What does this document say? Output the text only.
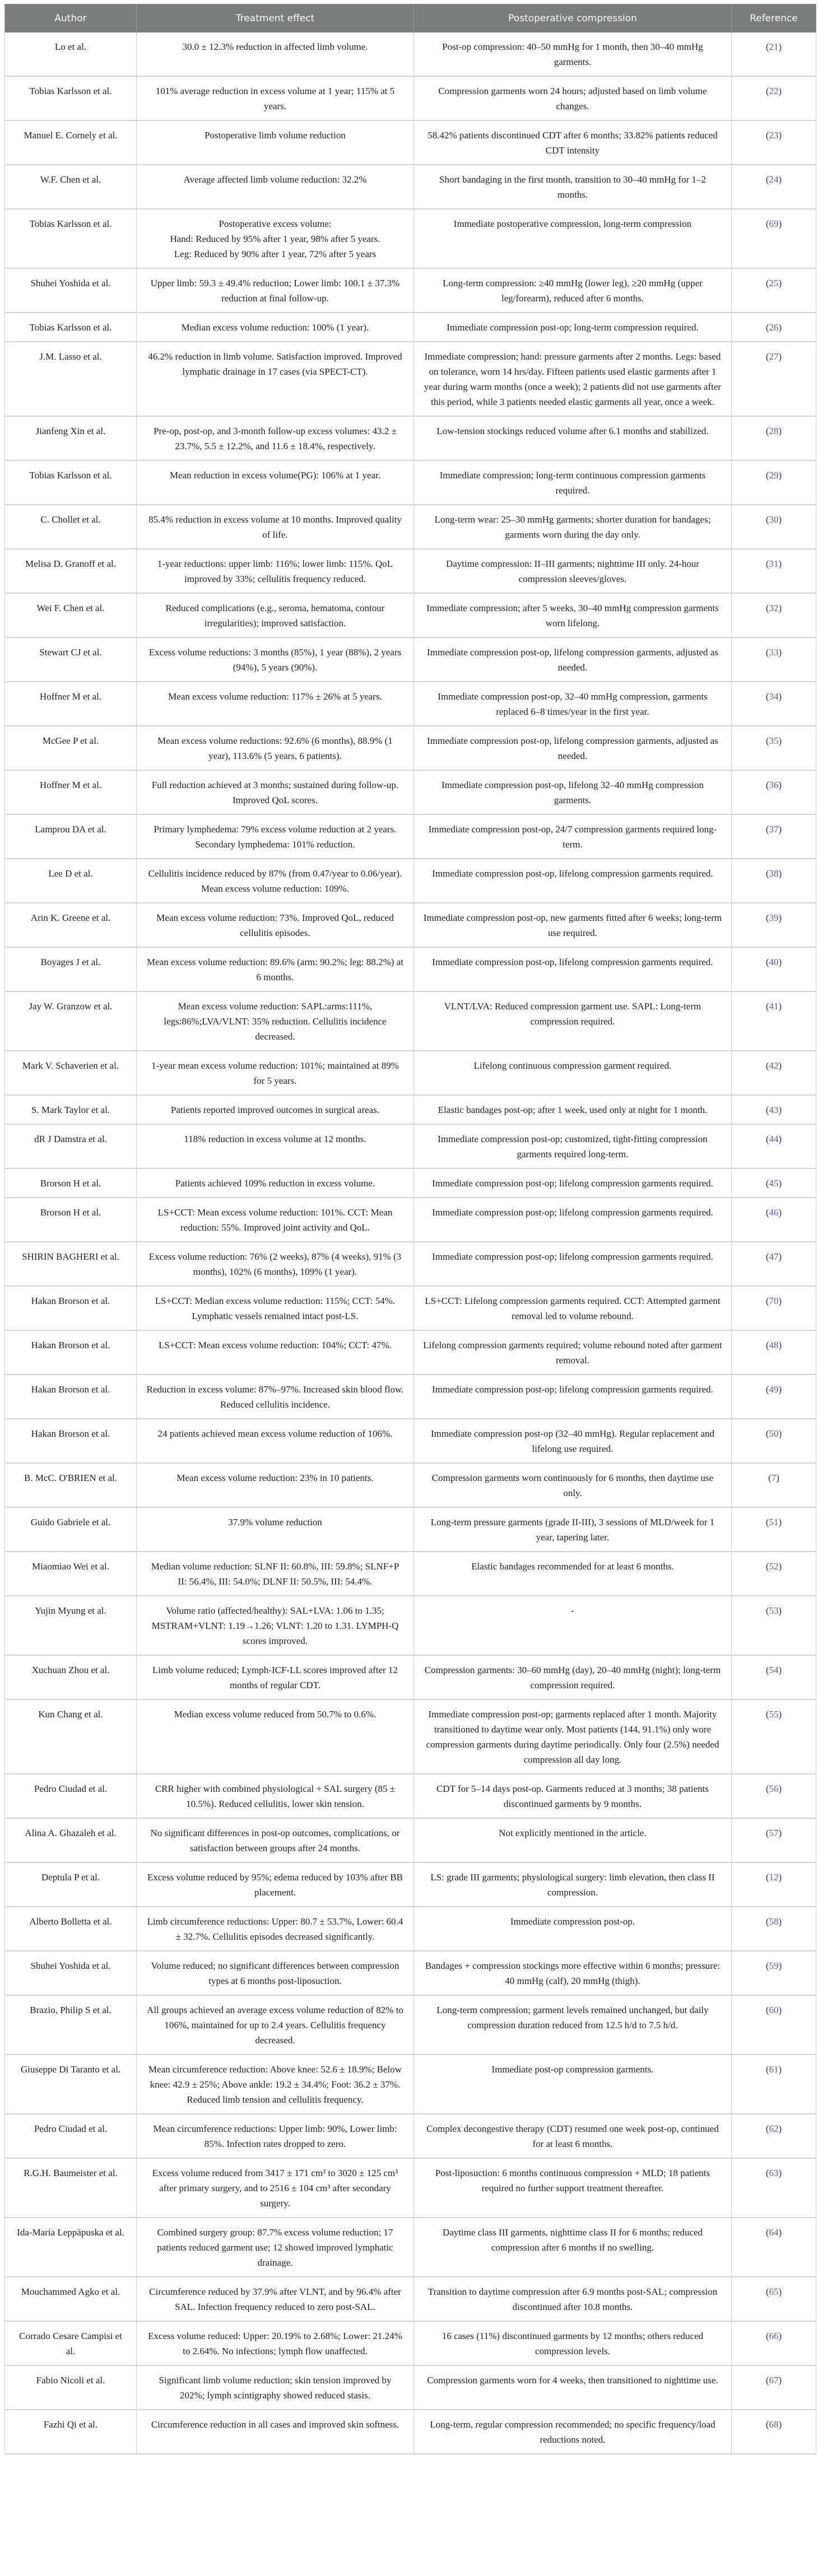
Author	Treatment effect	Postoperative compression	Reference
Lo et al.	30.0 ± 12.3% reduction in affected limb volume.	Post-op compression: 40–50 mmHg for 1 month, then 30–40 mmHg garments.	(21)
Tobias Karlsson et al.	101% average reduction in excess volume at 1 year; 115% at 5 years.	Compression garments worn 24 hours; adjusted based on limb volume changes.	(22)
Manuel E. Cornely et al.	Postoperative limb volume reduction	58.42% patients discontinued CDT after 6 months; 33.82% patients reduced CDT intensity	(23)
W.F. Chen et al.	Average affected limb volume reduction: 32.2%	Short bandaging in the first month, transition to 30–40 mmHg for 1–2 months.	(24)
Tobias Karlsson et al.	Postoperative excess volume:
Hand: Reduced by 95% after 1 year, 98% after 5 years.
Leg: Reduced by 90% after 1 year, 72% after 5 years	Immediate postoperative compression, long-term compression	(69)
Shuhei Yoshida et al.	Upper limb: 59.3 ± 49.4% reduction; Lower limb: 100.1 ± 37.3% reduction at final follow-up.	Long-term compression: ≥40 mmHg (lower leg), ≥20 mmHg (upper leg/forearm), reduced after 6 months.	(25)
Tobias Karlsson et al.	Median excess volume reduction: 100% (1 year).	Immediate compression post-op; long-term compression required.	(26)
J.M. Lasso et al.	46.2% reduction in limb volume. Satisfaction improved. Improved lymphatic drainage in 17 cases (via SPECT-CT).	Immediate compression; hand: pressure garments after 2 months. Legs: based on tolerance, worn 14 hrs/day. Fifteen patients used elastic garments after 1 year during warm months (once a week); 2 patients did not use garments after this period, while 3 patients needed elastic garments all year, once a week.	(27)
Jianfeng Xin et al.	Pre-op, post-op, and 3-month follow-up excess volumes: 43.2 ± 23.7%, 5.5 ± 12.2%, and 11.6 ± 18.4%, respectively.	Low-tension stockings reduced volume after 6.1 months and stabilized.	(28)
Tobias Karlsson et al.	Mean reduction in excess volume(PG): 106% at 1 year.	Immediate compression; long-term continuous compression garments required.	(29)
C. Chollet et al.	85.4% reduction in excess volume at 10 months. Improved quality of life.	Long-term wear: 25–30 mmHg garments; shorter duration for bandages; garments worn during the day only.	(30)
Melisa D. Granoff et al.	1-year reductions: upper limb: 116%; lower limb: 115%. QoL improved by 33%; cellulitis frequency reduced.	Daytime compression: II–III garments; nighttime III only. 24-hour compression sleeves/gloves.	(31)
Wei F. Chen et al.	Reduced complications (e.g., seroma, hematoma, contour irregularities); improved satisfaction.	Immediate compression; after 5 weeks, 30–40 mmHg compression garments worn lifelong.	(32)
Stewart CJ et al.	Excess volume reductions: 3 months (85%), 1 year (88%), 2 years (94%), 5 years (90%).	Immediate compression post-op, lifelong compression garments, adjusted as needed.	(33)
Hoffner M et al.	Mean excess volume reduction: 117% ± 26% at 5 years.	Immediate compression post-op, 32–40 mmHg compression, garments replaced 6–8 times/year in the first year.	(34)
McGee P et al.	Mean excess volume reductions: 92.6% (6 months), 88.9% (1 year), 113.6% (5 years, 6 patients).	Immediate compression post-op, lifelong compression garments, adjusted as needed.	(35)
Hoffner M et al.	Full reduction achieved at 3 months; sustained during follow-up. Improved QoL scores.	Immediate compression post-op, lifelong 32–40 mmHg compression garments.	(36)
Lamprou DA et al.	Primary lymphedema: 79% excess volume reduction at 2 years. Secondary lymphedema: 101% reduction.	Immediate compression post-op, 24/7 compression garments required long-term.	(37)
Lee D et al.	Cellulitis incidence reduced by 87% (from 0.47/year to 0.06/year). Mean excess volume reduction: 109%.	Immediate compression post-op, lifelong compression garments required.	(38)
Arin K. Greene et al.	Mean excess volume reduction: 73%. Improved QoL, reduced cellulitis episodes.	Immediate compression post-op, new garments fitted after 6 weeks; long-term use required.	(39)
Boyages J et al.	Mean excess volume reduction: 89.6% (arm: 90.2%; leg: 88.2%) at 6 months.	Immediate compression post-op, lifelong compression garments required.	(40)
Jay W. Granzow et al.	Mean excess volume reduction: SAPL:arms:111%, legs:86%;LVA/VLNT: 35% reduction. Cellulitis incidence decreased.	VLNT/LVA: Reduced compression garment use. SAPL: Long-term compression required.	(41)
Mark V. Schaverien et al.	1-year mean excess volume reduction: 101%; maintained at 89% for 5 years.	Lifelong continuous compression garment required.	(42)
S. Mark Taylor et al.	Patients reported improved outcomes in surgical areas.	Elastic bandages post-op; after 1 week, used only at night for 1 month.	(43)
dR J Damstra et al.	118% reduction in excess volume at 12 months.	Immediate compression post-op; customized, tight-fitting compression garments required long-term.	(44)
Brorson H et al.	Patients achieved 109% reduction in excess volume.	Immediate compression post-op; lifelong compression garments required.	(45)
Brorson H et al.	LS+CCT: Mean excess volume reduction: 101%. CCT: Mean reduction: 55%. Improved joint activity and QoL.	Immediate compression post-op; lifelong compression garments required.	(46)
SHIRIN BAGHERI et al.	Excess volume reduction: 76% (2 weeks), 87% (4 weeks), 91% (3 months), 102% (6 months), 109% (1 year).	Immediate compression post-op; lifelong compression garments required.	(47)
Hakan Brorson et al.	LS+CCT: Median excess volume reduction: 115%; CCT: 54%. Lymphatic vessels remained intact post-LS.	LS+CCT: Lifelong compression garments required. CCT: Attempted garment removal led to volume rebound.	(70)
Hakan Brorson et al.	LS+CCT: Mean excess volume reduction: 104%; CCT: 47%.	Lifelong compression garments required; volume rebound noted after garment removal.	(48)
Hakan Brorson et al.	Reduction in excess volume: 87%–97%. Increased skin blood flow. Reduced cellulitis incidence.	Immediate compression post-op; lifelong compression garments required.	(49)
Hakan Brorson et al.	24 patients achieved mean excess volume reduction of 106%.	Immediate compression post-op (32–40 mmHg). Regular replacement and lifelong use required.	(50)
B. McC. O'BRIEN et al.	Mean excess volume reduction: 23% in 10 patients.	Compression garments worn continuously for 6 months, then daytime use only.	(7)
Guido Gabriele et al.	37.9% volume reduction	Long-term pressure garments (grade II-III), 3 sessions of MLD/week for 1 year, tapering later.	(51)
Miaomiao Wei et al.	Median volume reduction: SLNF II: 60.8%, III: 59.8%; SLNF+P II: 56.4%, III: 54.0%; DLNF II: 50.5%, III: 54.4%.	Elastic bandages recommended for at least 6 months.	(52)
Yujin Myung et al.	Volume ratio (affected/healthy): SAL+LVA: 1.06 to 1.35; MSTRAM+VLNT: 1.19→1.26; VLNT: 1.20 to 1.31. LYMPH-Q scores improved.	-	(53)
Xuchuan Zhou et al.	Limb volume reduced; Lymph-ICF-LL scores improved after 12 months of regular CDT.	Compression garments: 30–60 mmHg (day), 20–40 mmHg (night); long-term compression required.	(54)
Kun Chang et al.	Median excess volume reduced from 50.7% to 0.6%.	Immediate compression post-op; garments replaced after 1 month. Majority transitioned to daytime wear only. Most patients (144, 91.1%) only wore compression garments during daytime periodically. Only four (2.5%) needed compression all day long.	(55)
Pedro Ciudad et al.	CRR higher with combined physiological + SAL surgery (85 ± 10.5%). Reduced cellulitis, lower skin tension.	CDT for 5–14 days post-op. Garments reduced at 3 months; 38 patients discontinued garments by 9 months.	(56)
Alina A. Ghazaleh et al.	No significant differences in post-op outcomes, complications, or satisfaction between groups after 24 months.	Not explicitly mentioned in the article.	(57)
Deptula P et al.	Excess volume reduced by 95%; edema reduced by 103% after BB placement.	LS: grade III garments; physiological surgery: limb elevation, then class II compression.	(12)
Alberto Bolletta et al.	Limb circumference reductions: Upper: 80.7 ± 53.7%, Lower: 60.4 ± 32.7%. Cellulitis episodes decreased significantly.	Immediate compression post-op.	(58)
Shuhei Yoshida et al.	Volume reduced; no significant differences between compression types at 6 months post-liposuction.	Bandages + compression stockings more effective within 6 months; pressure: 40 mmHg (calf), 20 mmHg (thigh).	(59)
Brazio, Philip S et al.	All groups achieved an average excess volume reduction of 82% to 106%, maintained for up to 2.4 years. Cellulitis frequency decreased.	Long-term compression; garment levels remained unchanged, but daily compression duration reduced from 12.5 h/d to 7.5 h/d.	(60)
Giuseppe Di Taranto et al.	Mean circumference reduction: Above knee: 52.6 ± 18.9%; Below knee: 42.9 ± 25%; Above ankle: 19.2 ± 34.4%; Foot: 36.2 ± 37%. Reduced limb tension and cellulitis frequency.	Immediate post-op compression garments.	(61)
Pedro Ciudad et al.	Mean circumference reductions: Upper limb: 90%, Lower limb: 85%. Infection rates dropped to zero.	Complex decongestive therapy (CDT) resumed one week post-op, continued for at least 6 months.	(62)
R.G.H. Baumeister et al.	Excess volume reduced from 3417 ± 171 cm³ to 3020 ± 125 cm³ after primary surgery, and to 2516 ± 104 cm³ after secondary surgery.	Post-liposuction: 6 months continuous compression + MLD; 18 patients required no further support treatment thereafter.	(63)
Ida-Maria Leppäpuska et al.	Combined surgery group: 87.7% excess volume reduction; 17 patients reduced garment use; 12 showed improved lymphatic drainage.	Daytime class III garments, nighttime class II for 6 months; reduced compression after 6 months if no swelling.	(64)
Mouchammed Agko et al.	Circumference reduced by 37.9% after VLNT, and by 96.4% after SAL. Infection frequency reduced to zero post-SAL.	Transition to daytime compression after 6.9 months post-SAL; compression discontinued after 10.8 months.	(65)
Corrado Cesare Campisi et al.	Excess volume reduced: Upper: 20.19% to 2.68%; Lower: 21.24% to 2.64%. No infections; lymph flow unaffected.	16 cases (11%) discontinued garments by 12 months; others reduced compression levels.	(66)
Fabio Nicoli et al.	Significant limb volume reduction; skin tension improved by 202%; lymph scintigraphy showed reduced stasis.	Compression garments worn for 4 weeks, then transitioned to nighttime use.	(67)
Fazhi Qi et al.	Circumference reduction in all cases and improved skin softness.	Long-term, regular compression recommended; no specific frequency/load reductions noted.	(68)
